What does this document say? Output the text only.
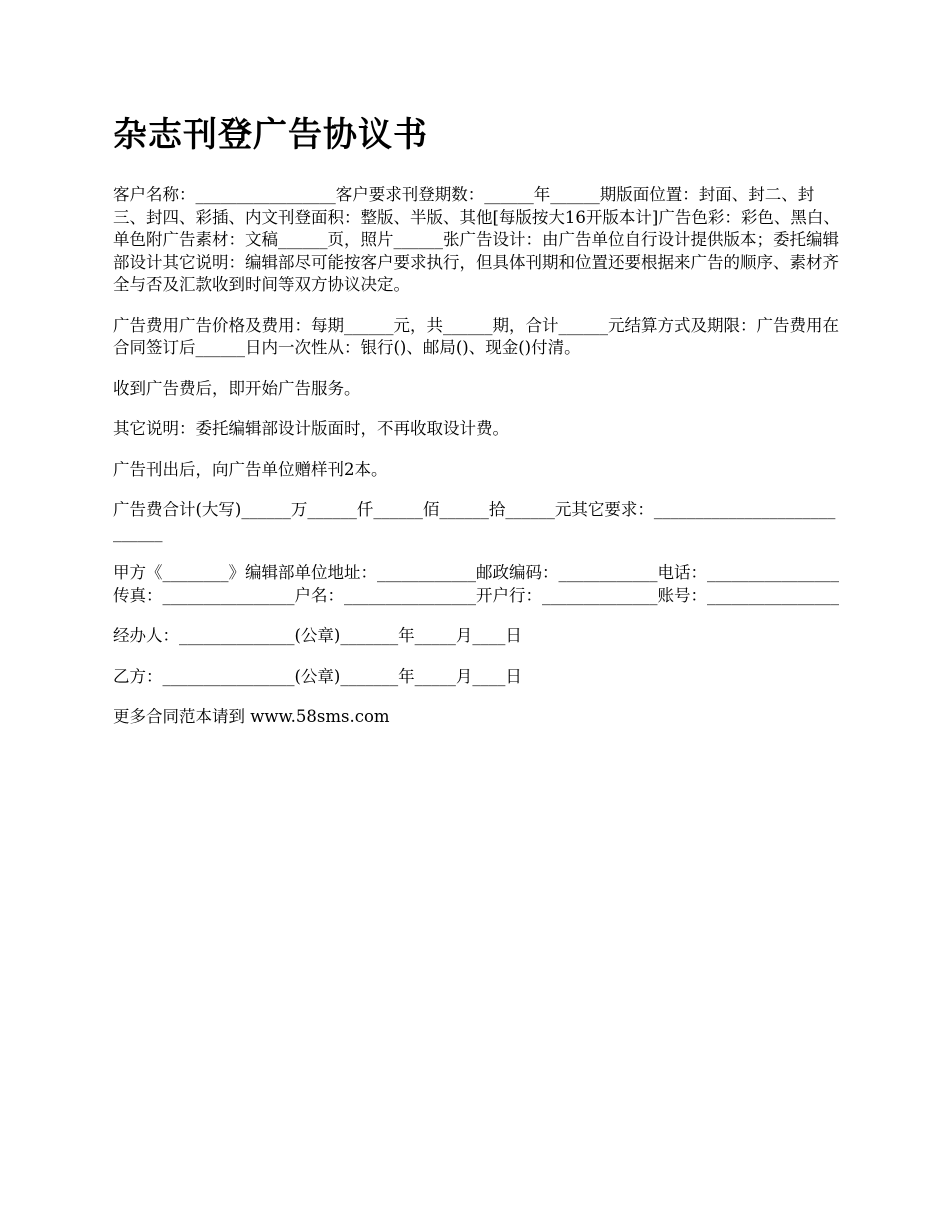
杂志刊登广告协议书

客户名称：_________________客户要求刊登期数：______年______期版面位置：封面、封二、封三、封四、彩插、内文刊登面积：整版、半版、其他[每版按大16开版本计]广告色彩：彩色、黑白、单色附广告素材：文稿______页，照片______张广告设计：由广告单位自行设计提供版本；委托编辑部设计其它说明：编辑部尽可能按客户要求执行，但具体刊期和位置还要根据来广告的顺序、素材齐全与否及汇款收到时间等双方协议决定。

广告费用广告价格及费用：每期______元，共______期，合计______元结算方式及期限：广告费用在合同签订后______日内一次性从：银行()、邮局()、现金()付清。

收到广告费后，即开始广告服务。

其它说明：委托编辑部设计版面时，不再收取设计费。

广告刊出后，向广告单位赠样刊2本。

广告费合计(大写)______万______仟______佰______拾______元其它要求：____________________________

甲方《________》编辑部单位地址：____________邮政编码：____________电话：________________传真：________________户名：________________开户行：______________账号：________________

经办人：______________(公章)_______年_____月____日

乙方：________________(公章)_______年_____月____日

更多合同范本请到 www.58sms.com
